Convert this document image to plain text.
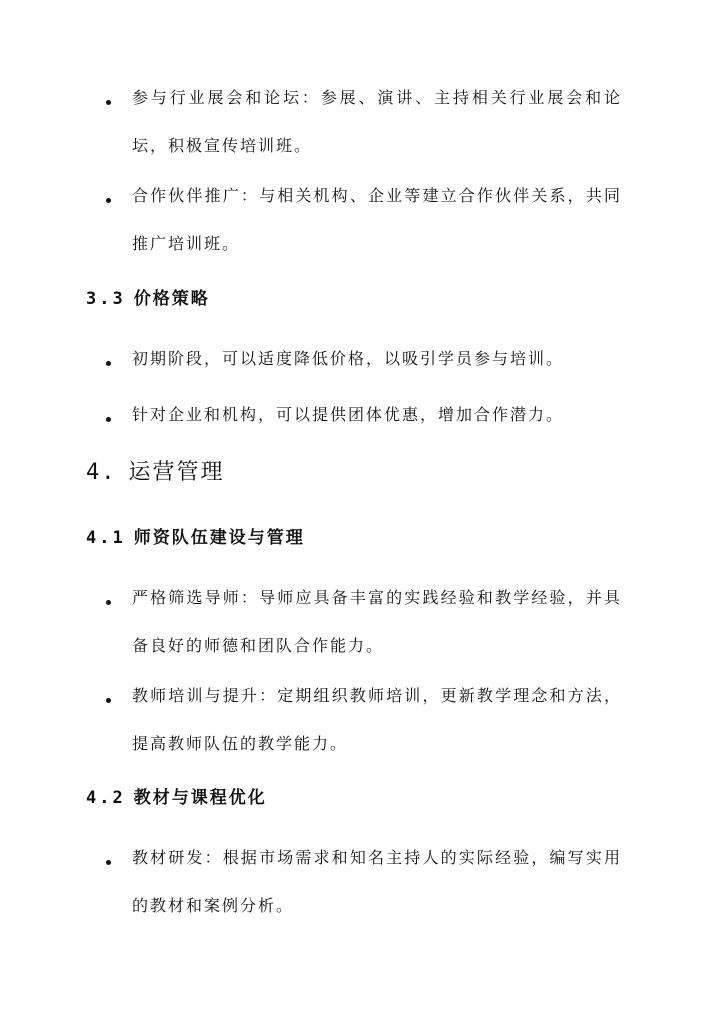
参与行业展会和论坛：参展、演讲、主持相关行业展会和论坛，积极宣传培训班。
合作伙伴推广：与相关机构、企业等建立合作伙伴关系，共同推广培训班。
3.3 价格策略
初期阶段，可以适度降低价格，以吸引学员参与培训。
针对企业和机构，可以提供团体优惠，增加合作潜力。
4. 运营管理
4.1 师资队伍建设与管理
严格筛选导师：导师应具备丰富的实践经验和教学经验，并具备良好的师德和团队合作能力。
教师培训与提升：定期组织教师培训，更新教学理念和方法，提高教师队伍的教学能力。
4.2 教材与课程优化
教材研发：根据市场需求和知名主持人的实际经验，编写实用的教材和案例分析。
